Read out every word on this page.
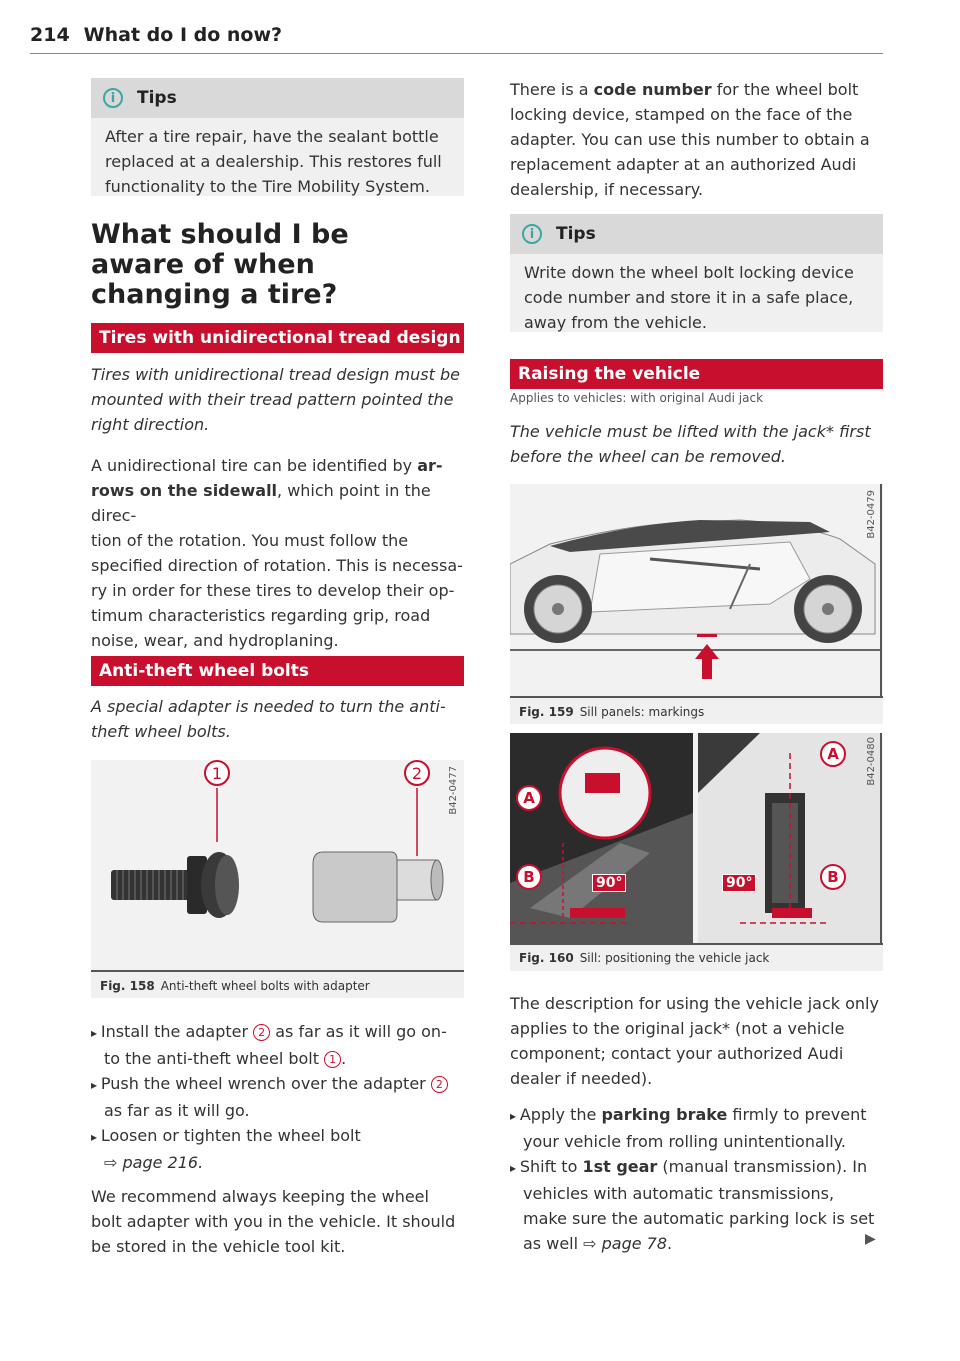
214 What do I do now?
i	Tips
After a tire repair, have the sealant bottle
replaced at a dealership. This restores full
functionality to the Tire Mobility System.
What should I be
aware of when
changing a tire?
Tires with unidirectional tread design
Tires with unidirectional tread design must be
mounted with their tread pattern pointed the
right direction.
A unidirectional tire can be identified by ar-
rows on the sidewall, which point in the direc-
tion of the rotation. You must follow the
specified direction of rotation. This is necessa-
ry in order for these tires to develop their op-
timum characteristics regarding grip, road
noise, wear, and hydroplaning.
Anti-theft wheel bolts
A special adapter is needed to turn the anti-
theft wheel bolts.
1	2	B42-0477
Fig. 158 Anti-theft wheel bolts with adapter
▸ Install the adapter 2 as far as it will go on-
to the anti-theft wheel bolt 1 .
▸ Push the wheel wrench over the adapter 2
as far as it will go.
▸ Loosen or tighten the wheel bolt
⇨ page 216.
We recommend always keeping the wheel
bolt adapter with you in the vehicle. It should
be stored in the vehicle tool kit.
There is a code number for the wheel bolt
locking device, stamped on the face of the
adapter. You can use this number to obtain a
replacement adapter at an authorized Audi
dealership, if necessary.
i	Tips
Write down the wheel bolt locking device
code number and store it in a safe place,
away from the vehicle.
Raising the vehicle
Applies to vehicles: with original Audi jack
The vehicle must be lifted with the jack* first
before the wheel can be removed.
B42-0479
Fig. 159 Sill panels: markings
A
B	90°
A
B
90°
B42-0480
Fig. 160 Sill: positioning the vehicle jack
The description for using the vehicle jack only
applies to the original jack* (not a vehicle
component; contact your authorized Audi
dealer if needed).
▸ Apply the parking brake firmly to prevent
your vehicle from rolling unintentionally.
▸ Shift to 1st gear (manual transmission). In
vehicles with automatic transmissions,
make sure the automatic parking lock is set
as well ⇨ page 78.	▶
